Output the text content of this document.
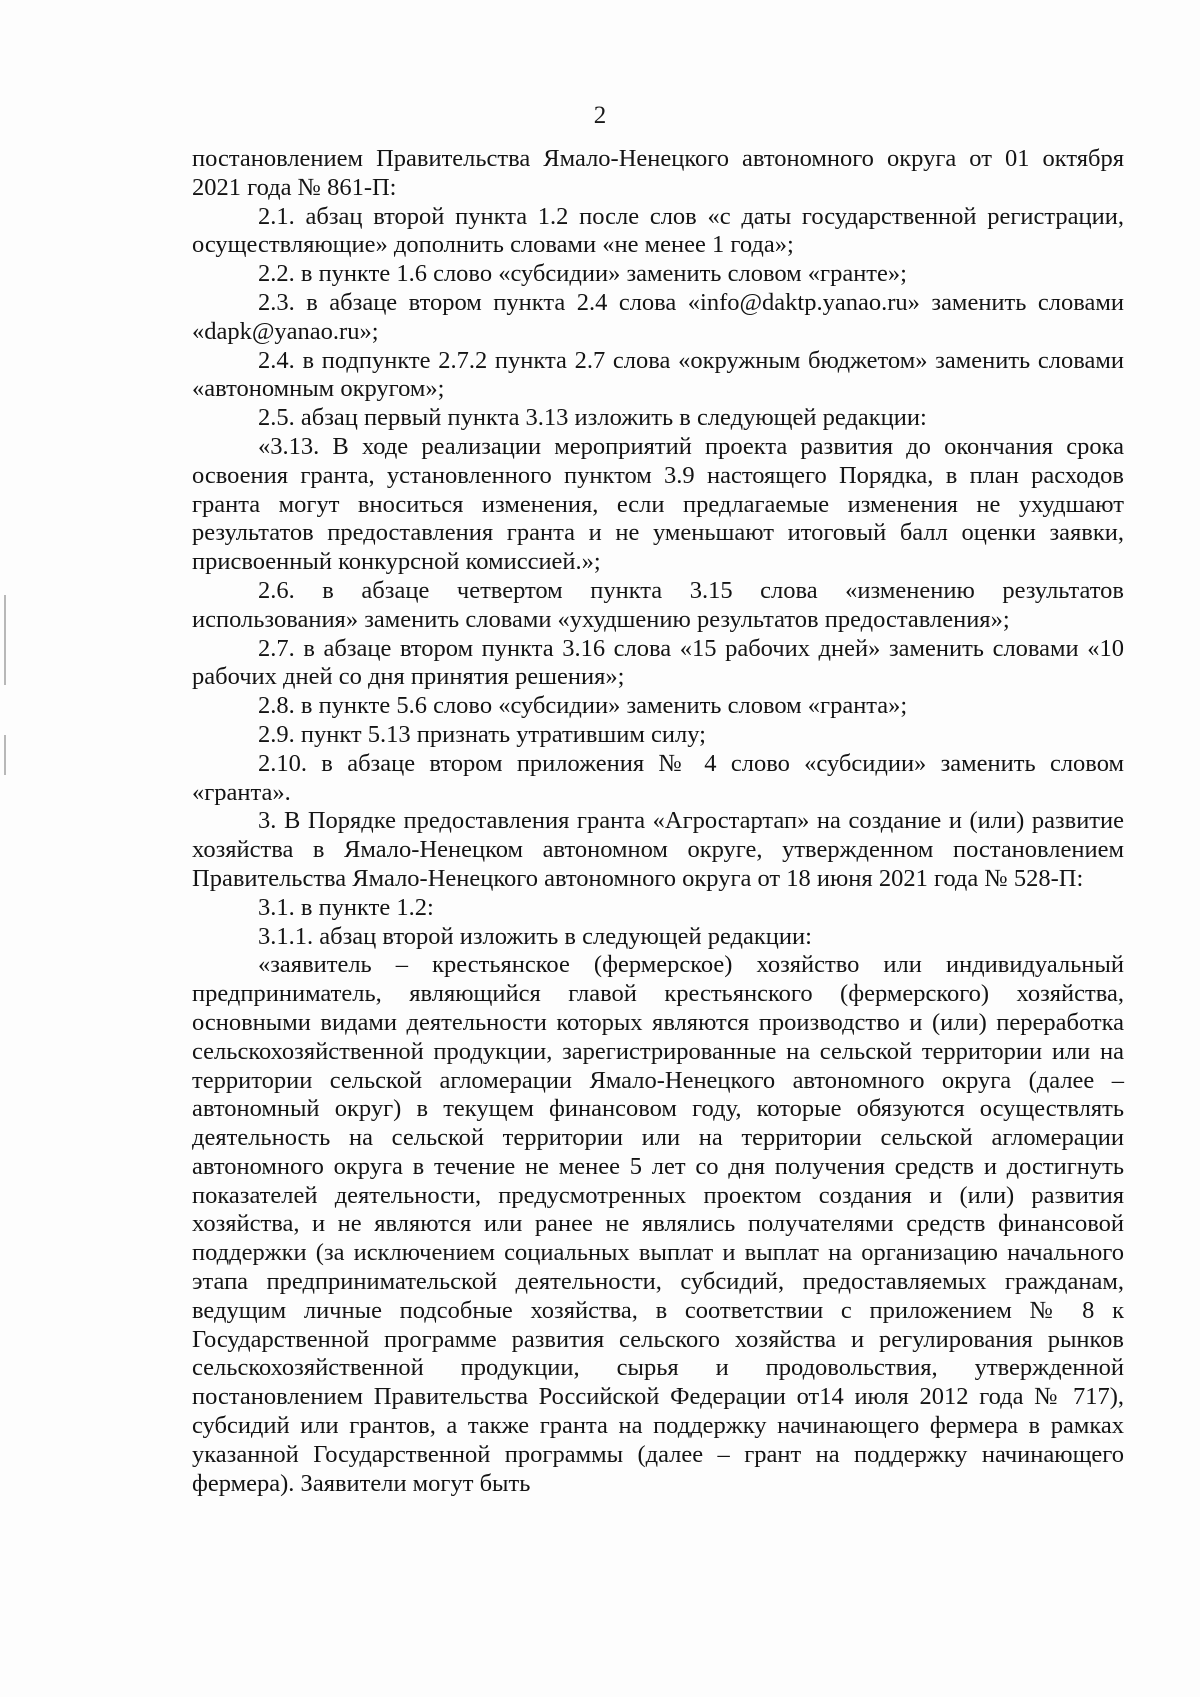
2

постановлением Правительства Ямало-Ненецкого автономного округа от 01 октября 2021 года № 861-П:

2.1. абзац второй пункта 1.2 после слов «с даты государственной регистрации, осуществляющие» дополнить словами «не менее 1 года»;

2.2. в пункте 1.6 слово «субсидии» заменить словом «гранте»;

2.3. в абзаце втором пункта 2.4 слова «info@daktp.yanao.ru» заменить словами «dapk@yanao.ru»;

2.4. в подпункте 2.7.2 пункта 2.7 слова «окружным бюджетом» заменить словами «автономным округом»;

2.5. абзац первый пункта 3.13 изложить в следующей редакции:

«3.13. В ходе реализации мероприятий проекта развития до окончания срока освоения гранта, установленного пунктом 3.9 настоящего Порядка, в план расходов гранта могут вноситься изменения, если предлагаемые изменения не ухудшают результатов предоставления гранта и не уменьшают итоговый балл оценки заявки, присвоенный конкурсной комиссией.»;

2.6. в абзаце четвертом пункта 3.15 слова «изменению результатов использования» заменить словами «ухудшению результатов предоставления»;

2.7. в абзаце втором пункта 3.16 слова «15 рабочих дней» заменить словами «10 рабочих дней со дня принятия решения»;

2.8. в пункте 5.6 слово «субсидии» заменить словом «гранта»;

2.9. пункт 5.13 признать утратившим силу;

2.10. в абзаце втором приложения № 4 слово «субсидии» заменить словом «гранта».

3. В Порядке предоставления гранта «Агростартап» на создание и (или) развитие хозяйства в Ямало-Ненецком автономном округе, утвержденном постановлением Правительства Ямало-Ненецкого автономного округа от 18 июня 2021 года № 528-П:

3.1. в пункте 1.2:

3.1.1. абзац второй изложить в следующей редакции:

«заявитель – крестьянское (фермерское) хозяйство или индивидуальный предприниматель, являющийся главой крестьянского (фермерского) хозяйства, основными видами деятельности которых являются производство и (или) переработка сельскохозяйственной продукции, зарегистрированные на сельской территории или на территории сельской агломерации Ямало-Ненецкого автономного округа (далее – автономный округ) в текущем финансовом году, которые обязуются осуществлять деятельность на сельской территории или на территории сельской агломерации автономного округа в течение не менее 5 лет со дня получения средств и достигнуть показателей деятельности, предусмотренных проектом создания и (или) развития хозяйства, и не являются или ранее не являлись получателями средств финансовой поддержки (за исключением социальных выплат и выплат на организацию начального этапа предпринимательской деятельности, субсидий, предоставляемых гражданам, ведущим личные подсобные хозяйства, в соответствии с приложением № 8 к Государственной программе развития сельского хозяйства и регулирования рынков сельскохозяйственной продукции, сырья и продовольствия, утвержденной постановлением Правительства Российской Федерации от14 июля 2012 года № 717), субсидий или грантов, а также гранта на поддержку начинающего фермера в рамках указанной Государственной программы (далее – грант на поддержку начинающего фермера). Заявители могут быть
